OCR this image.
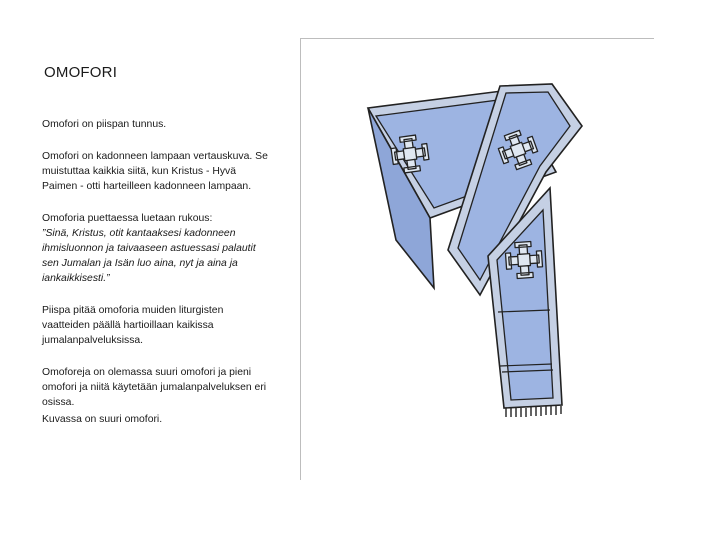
OMOFORI

Omofori on piispan tunnus.

Omofori on kadonneen lampaan vertauskuva. Se muistuttaa kaikkia siitä, kun Kristus - Hyvä Paimen - otti harteilleen kadonneen lampaan.

Omoforia puettaessa luetaan rukous:
”Sinä, Kristus, otit kantaaksesi kadonneen ihmisluonnon ja taivaaseen astuessasi palautit sen Jumalan ja Isän luo aina, nyt ja aina ja iankaikkisesti.”

Piispa pitää omoforia muiden liturgisten vaatteiden päällä hartioillaan kaikissa jumalanpalveluksissa.

Omoforeja on olemassa suuri omofori ja pieni omofori ja niitä käytetään jumalanpalveluksen eri osissa.

Kuvassa on suuri omofori.
